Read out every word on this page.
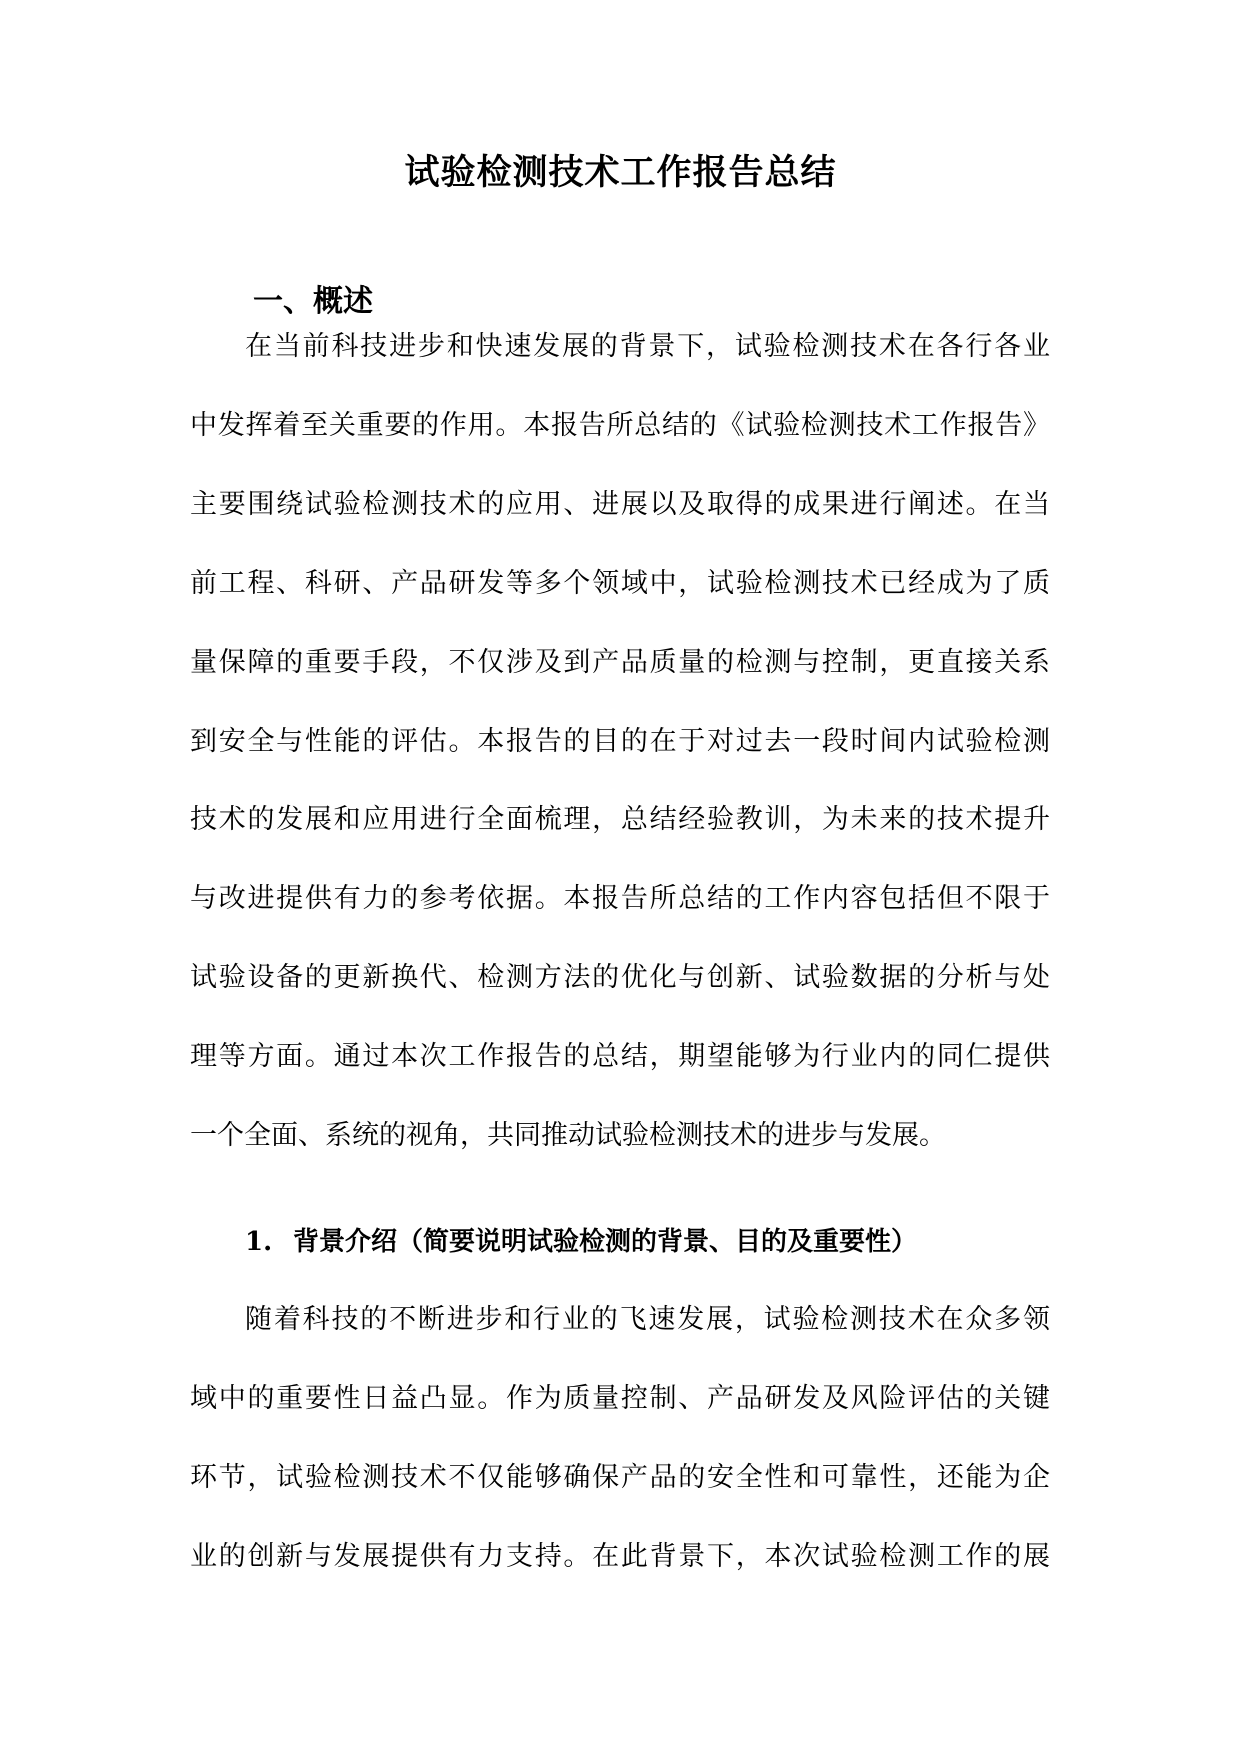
试验检测技术工作报告总结
一、概述

在当前科技进步和快速发展的背景下，试验检测技术在各行各业

中发挥着至关重要的作用。本报告所总结的《试验检测技术工作报告》

主要围绕试验检测技术的应用、进展以及取得的成果进行阐述。在当

前工程、科研、产品研发等多个领域中，试验检测技术已经成为了质

量保障的重要手段，不仅涉及到产品质量的检测与控制，更直接关系

到安全与性能的评估。本报告的目的在于对过去一段时间内试验检测

技术的发展和应用进行全面梳理，总结经验教训，为未来的技术提升

与改进提供有力的参考依据。本报告所总结的工作内容包括但不限于

试验设备的更新换代、检测方法的优化与创新、试验数据的分析与处

理等方面。通过本次工作报告的总结，期望能够为行业内的同仁提供

一个全面、系统的视角，共同推动试验检测技术的进步与发展。

1. 背景介绍（简要说明试验检测的背景、目的及重要性）

随着科技的不断进步和行业的飞速发展，试验检测技术在众多领

域中的重要性日益凸显。作为质量控制、产品研发及风险评估的关键

环节，试验检测技术不仅能够确保产品的安全性和可靠性，还能为企

业的创新与发展提供有力支持。在此背景下，本次试验检测工作的展
